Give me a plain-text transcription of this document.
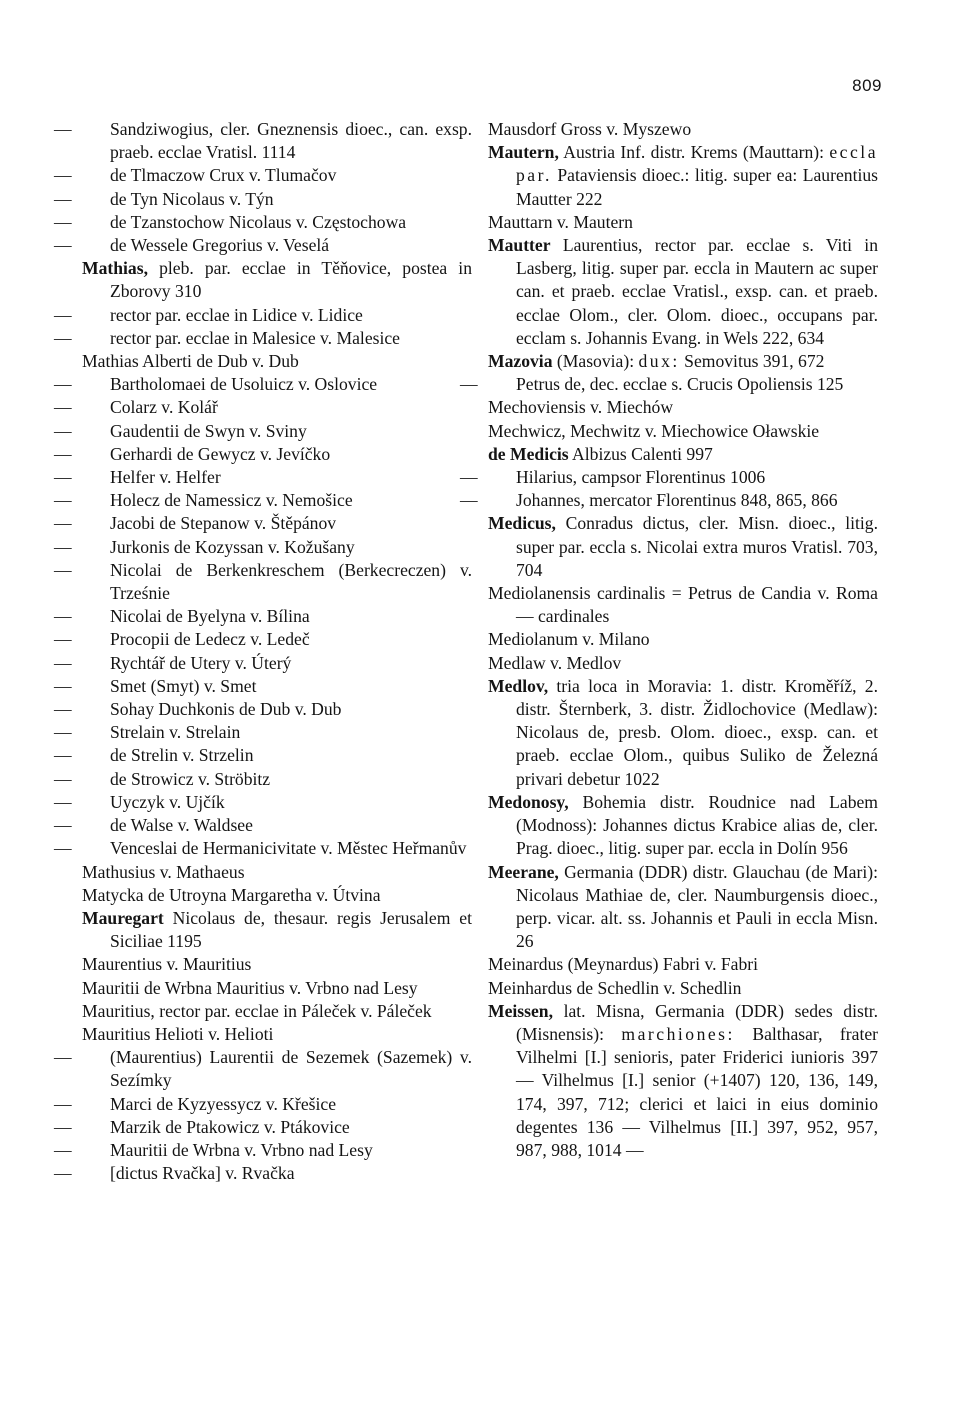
809
— Sandziwogius, cler. Gneznensis dioec., can. exsp. praeb. ecclae Vratisl. 1114
— de Tlmaczow Crux v. Tlumačov
— de Tyn Nicolaus v. Týn
— de Tzanstochow Nicolaus v. Częstochowa
— de Wessele Gregorius v. Veselá
Mathias, pleb. par. ecclae in Těňovice, postea in Zborovy 310
— rector par. ecclae in Lidice v. Lidice
— rector par. ecclae in Malesice v. Malesice
Mathias Alberti de Dub v. Dub
— Bartholomaei de Usoluicz v. Oslovice
— Colarz v. Kolář
— Gaudentii de Swyn v. Sviny
— Gerhardi de Gewycz v. Jevíčko
— Helfer v. Helfer
— Holecz de Namessicz v. Nemošice
— Jacobi de Stepanow v. Štěpánov
— Jurkonis de Kozyssan v. Kožušany
— Nicolai de Berkenkreschem (Berkecreczen) v. Trześnie
— Nicolai de Byelyna v. Bílina
— Procopii de Ledecz v. Ledeč
— Rychtář de Utery v. Úterý
— Smet (Smyt) v. Smet
— Sohay Duchkonis de Dub v. Dub
— Strelain v. Strelain
— de Strelin v. Strzelin
— de Strowicz v. Ströbitz
— Uyczyk v. Ujčík
— de Walse v. Waldsee
— Venceslai de Hermanicivitate v. Městec Heřmanův
Mathusius v. Mathaeus
Matycka de Utroyna Margaretha v. Útvina
Mauregart Nicolaus de, thesaur. regis Jerusalem et Siciliae 1195
Maurentius v. Mauritius
Mauritii de Wrbna Mauritius v. Vrbno nad Lesy
Mauritius, rector par. ecclae in Páleček v. Páleček
Mauritius Helioti v. Helioti
— (Maurentius) Laurentii de Sezemek (Sazemek) v. Sezímky
— Marci de Kyzyessycz v. Křešice
— Marzik de Ptakowicz v. Ptákovice
— Mauritii de Wrbna v. Vrbno nad Lesy
— [dictus Rvačka] v. Rvačka
Mausdorf Gross v. Myszewo
Mautern, Austria Inf. distr. Krems (Mauttarn): eccla par. Pataviensis dioec.: litig. super ea: Laurentius Mautter 222
Mauttarn v. Mautern
Mautter Laurentius, rector par. ecclae s. Viti in Lasberg, litig. super par. eccla in Mautern ac super can. et praeb. ecclae Vratisl., exsp. can. et praeb. ecclae Olom., cler. Olom. dioec., occupans par. ecclam s. Johannis Evang. in Wels 222, 634
Mazovia (Masovia): dux: Semovitus 391, 672
— Petrus de, dec. ecclae s. Crucis Opoliensis 125
Mechoviensis v. Miechów
Mechwicz, Mechwitz v. Miechowice Oławskie
de Medicis Albizus Calenti 997
— Hilarius, campsor Florentinus 1006
— Johannes, mercator Florentinus 848, 865, 866
Medicus, Conradus dictus, cler. Misn. dioec., litig. super par. eccla s. Nicolai extra muros Vratisl. 703, 704
Mediolanensis cardinalis = Petrus de Candia v. Roma — cardinales
Mediolanum v. Milano
Medlaw v. Medlov
Medlov, tria loca in Moravia: 1. distr. Kroměříž, 2. distr. Šternberk, 3. distr. Židlochovice (Medlaw): Nicolaus de, presb. Olom. dioec., exsp. can. et praeb. ecclae Olom., quibus Suliko de Železná privari debetur 1022
Medonosy, Bohemia distr. Roudnice nad Labem (Modnoss): Johannes dictus Krabice alias de, cler. Prag. dioec., litig. super par. eccla in Dolín 956
Meerane, Germania (DDR) distr. Glauchau (de Mari): Nicolaus Mathiae de, cler. Naumburgensis dioec., perp. vicar. alt. ss. Johannis et Pauli in eccla Misn. 26
Meinardus (Meynardus) Fabri v. Fabri
Meinhardus de Schedlin v. Schedlin
Meissen, lat. Misna, Germania (DDR) sedes distr. (Misnensis): marchiones: Balthasar, frater Vilhelmi [I.] senioris, pater Friderici iunioris 397 — Vilhelmus [I.] senior (+1407) 120, 136, 149, 174, 397, 712; clerici et laici in eius dominio degentes 136 — Vilhelmus [II.] 397, 952, 957, 987, 988, 1014 —
